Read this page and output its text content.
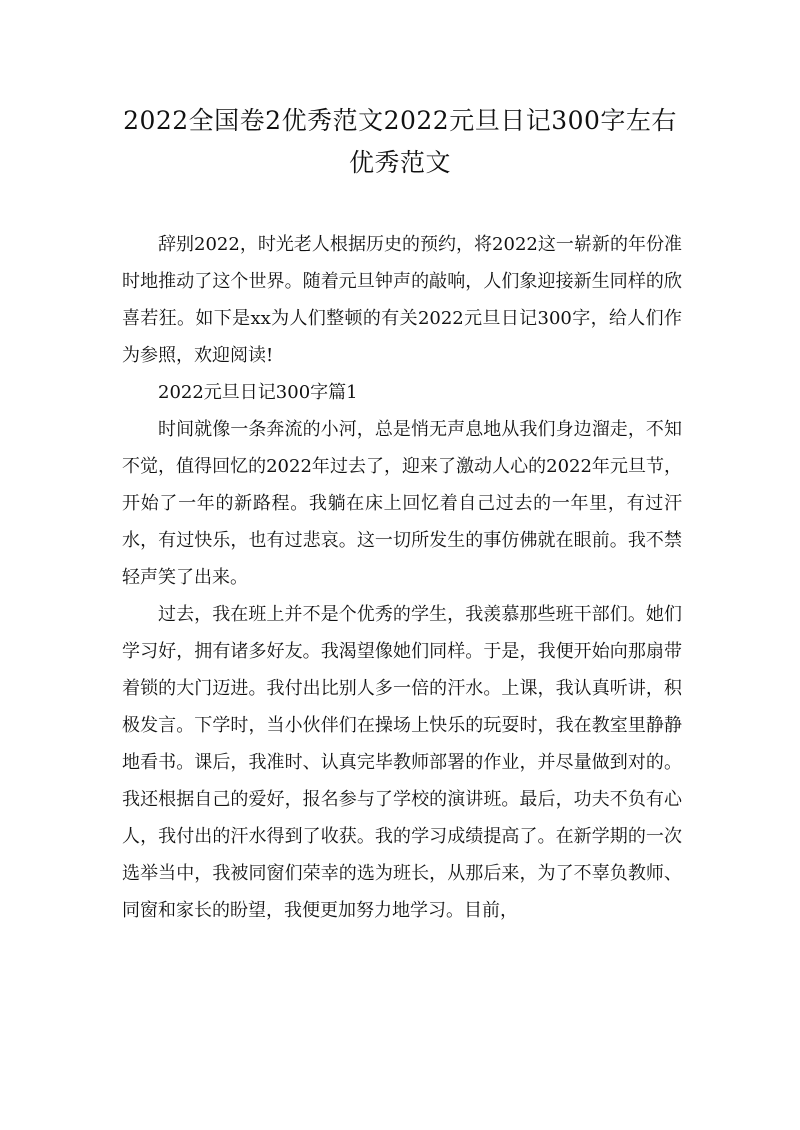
2022全国卷2优秀范文2022元旦日记300字左右优秀范文

辞别2022，时光老人根据历史的预约，将2022这一崭新的年份准时地推动了这个世界。随着元旦钟声的敲响，人们象迎接新生同样的欣喜若狂。如下是xx为人们整顿的有关2022元旦日记300字，给人们作为参照，欢迎阅读!

2022元旦日记300字篇1

时间就像一条奔流的小河，总是悄无声息地从我们身边溜走，不知不觉，值得回忆的2022年过去了，迎来了激动人心的2022年元旦节，开始了一年的新路程。我躺在床上回忆着自己过去的一年里，有过汗水，有过快乐，也有过悲哀。这一切所发生的事仿佛就在眼前。我不禁轻声笑了出来。

过去，我在班上并不是个优秀的学生，我羡慕那些班干部们。她们学习好，拥有诸多好友。我渴望像她们同样。于是，我便开始向那扇带着锁的大门迈进。我付出比别人多一倍的汗水。上课，我认真听讲，积极发言。下学时，当小伙伴们在操场上快乐的玩耍时，我在教室里静静地看书。课后，我准时、认真完毕教师部署的作业，并尽量做到对的。我还根据自己的爱好，报名参与了学校的演讲班。最后，功夫不负有心人，我付出的汗水得到了收获。我的学习成绩提高了。在新学期的一次选举当中，我被同窗们荣幸的选为班长，从那后来，为了不辜负教师、同窗和家长的盼望，我便更加努力地学习。目前，
